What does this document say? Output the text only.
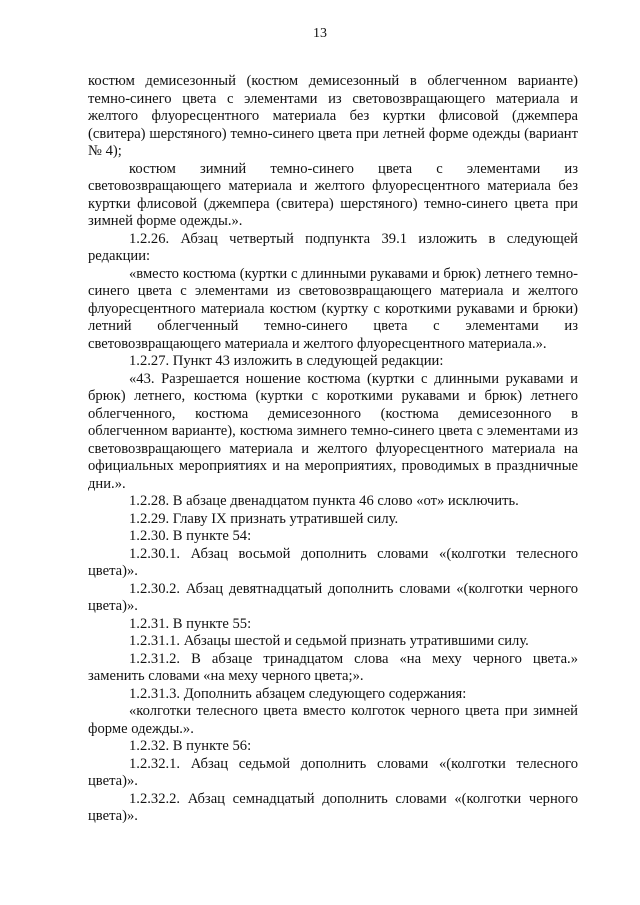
13

костюм демисезонный (костюм демисезонный в облегченном варианте) темно-синего цвета с элементами из световозвращающего материала и желтого флуоресцентного материала без куртки флисовой (джемпера (свитера) шерстяного) темно-синего цвета при летней форме одежды (вариант № 4);

костюм зимний темно-синего цвета с элементами из световозвращающего материала и желтого флуоресцентного материала без куртки флисовой (джемпера (свитера) шерстяного) темно-синего цвета при зимней форме одежды.».

1.2.26. Абзац четвертый подпункта 39.1 изложить в следующей редакции:

«вместо костюма (куртки с длинными рукавами и брюк) летнего темно-синего цвета с элементами из световозвращающего материала и желтого флуоресцентного материала костюм (куртку с короткими рукавами и брюки) летний облегченный темно-синего цвета с элементами из световозвращающего материала и желтого флуоресцентного материала.».

1.2.27. Пункт 43 изложить в следующей редакции:

«43. Разрешается ношение костюма (куртки с длинными рукавами и брюк) летнего, костюма (куртки с короткими рукавами и брюк) летнего облегченного, костюма демисезонного (костюма демисезонного в облегченном варианте), костюма зимнего темно-синего цвета с элементами из световозвращающего материала и желтого флуоресцентного материала на официальных мероприятиях и на мероприятиях, проводимых в праздничные дни.».

1.2.28. В абзаце двенадцатом пункта 46 слово «от» исключить.

1.2.29. Главу IX признать утратившей силу.

1.2.30. В пункте 54:

1.2.30.1. Абзац восьмой дополнить словами «(колготки телесного цвета)».

1.2.30.2. Абзац девятнадцатый дополнить словами «(колготки черного цвета)».

1.2.31. В пункте 55:

1.2.31.1. Абзацы шестой и седьмой признать утратившими силу.

1.2.31.2. В абзаце тринадцатом слова «на меху черного цвета.» заменить словами «на меху черного цвета;».

1.2.31.3. Дополнить абзацем следующего содержания:

«колготки телесного цвета вместо колготок черного цвета при зимней форме одежды.».

1.2.32. В пункте 56:

1.2.32.1. Абзац седьмой дополнить словами «(колготки телесного цвета)».

1.2.32.2. Абзац семнадцатый дополнить словами «(колготки черного цвета)».
